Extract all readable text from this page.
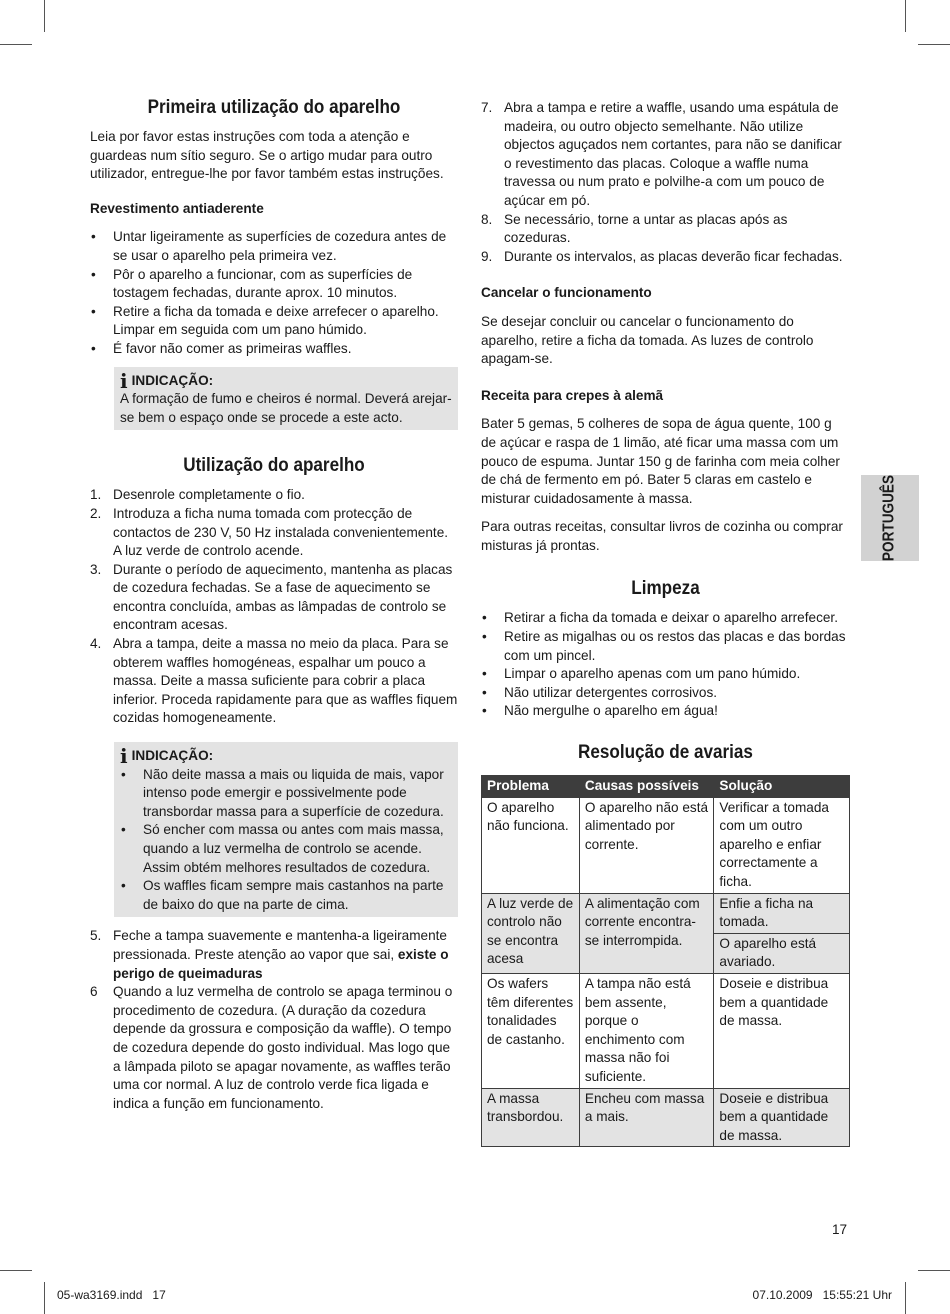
Primeira utilização do aparelho

Leia por favor estas instruções com toda a atenção e guardeas num sítio seguro. Se o artigo mudar para outro utilizador, entregue-lhe por favor também estas instruções.

Revestimento antiaderente
• Untar ligeiramente as superfícies de cozedura antes de se usar o aparelho pela primeira vez.
• Pôr o aparelho a funcionar, com as superfícies de tostagem fechadas, durante aprox. 10 minutos.
• Retire a ficha da tomada e deixe arrefecer o aparelho. Limpar em seguida com um pano húmido.
• É favor não comer as primeiras waffles.
i INDICAÇÃO:
A formação de fumo e cheiros é normal. Deverá arejar-se bem o espaço onde se procede a este acto.
Utilização do aparelho
1. Desenrole completamente o fio.
2. Introduza a ficha numa tomada com protecção de contactos de 230 V, 50 Hz instalada convenientemente. A luz verde de controlo acende.
3. Durante o período de aquecimento, mantenha as placas de cozedura fechadas. Se a fase de aquecimento se encontra concluída, ambas as lâmpadas de controlo se encontram acesas.
4. Abra a tampa, deite a massa no meio da placa. Para se obterem waffles homogéneas, espalhar um pouco a massa. Deite a massa suficiente para cobrir a placa inferior. Proceda rapidamente para que as waffles fiquem cozidas homogeneamente.
i INDICAÇÃO:
• Não deite massa a mais ou liquida de mais, vapor intenso pode emergir e possivelmente pode transbordar massa para a superfície de cozedura.
• Só encher com massa ou antes com mais massa, quando a luz vermelha de controlo se acende. Assim obtém melhores resultados de cozedura.
• Os waffles ficam sempre mais castanhos na parte de baixo do que na parte de cima.
5. Feche a tampa suavemente e mantenha-a ligeiramente pressionada. Preste atenção ao vapor que sai, existe o perigo de queimaduras
6 Quando a luz vermelha de controlo se apaga terminou o procedimento de cozedura. (A duração da cozedura depende da grossura e composição da waffle). O tempo de cozedura depende do gosto individual. Mas logo que a lâmpada piloto se apagar novamente, as waffles terão uma cor normal. A luz de controlo verde fica ligada e indica a função em funcionamento.
7. Abra a tampa e retire a waffle, usando uma espátula de madeira, ou outro objecto semelhante. Não utilize objectos aguçados nem cortantes, para não se danificar o revestimento das placas. Coloque a waffle numa travessa ou num prato e polvilhe-a com um pouco de açúcar em pó.
8. Se necessário, torne a untar as placas após as cozeduras.
9. Durante os intervalos, as placas deverão ficar fechadas.
Cancelar o funcionamento

Se desejar concluir ou cancelar o funcionamento do aparelho, retire a ficha da tomada. As luzes de controlo apagam-se.

Receita para crepes à alemã

Bater 5 gemas, 5 colheres de sopa de água quente, 100 g de açúcar e raspa de 1 limão, até ficar uma massa com um pouco de espuma. Juntar 150 g de farinha com meia colher de chá de fermento em pó. Bater 5 claras em castelo e misturar cuidadosamente à massa.

Para outras receitas, consultar livros de cozinha ou comprar misturas já prontas.

Limpeza
• Retirar a ficha da tomada e deixar o aparelho arrefecer.
• Retire as migalhas ou os restos das placas e das bordas com um pincel.
• Limpar o aparelho apenas com um pano húmido.
• Não utilizar detergentes corrosivos.
• Não mergulhe o aparelho em água!
Resolução de avarias
Problema	Causas possíveis	Solução
O aparelho não funciona.	O aparelho não está alimentado por corrente.	Verificar a tomada com um outro aparelho e enfiar correctamente a ficha.
A luz verde de controlo não se encontra acesa	A alimentação com corrente encontra-se interrompida.	Enfie a ficha na tomada.
		O aparelho está avariado.
Os wafers têm diferentes tonalidades de castanho.	A tampa não está bem assente, porque o enchimento com massa não foi suficiente.	Doseie e distribua bem a quantidade de massa.
A massa transbordou.	Encheu com massa a mais.	Doseie e distribua bem a quantidade de massa.
PORTUGUÊS
17
05-wa3169.indd   17	07.10.2009   15:55:21 Uhr
